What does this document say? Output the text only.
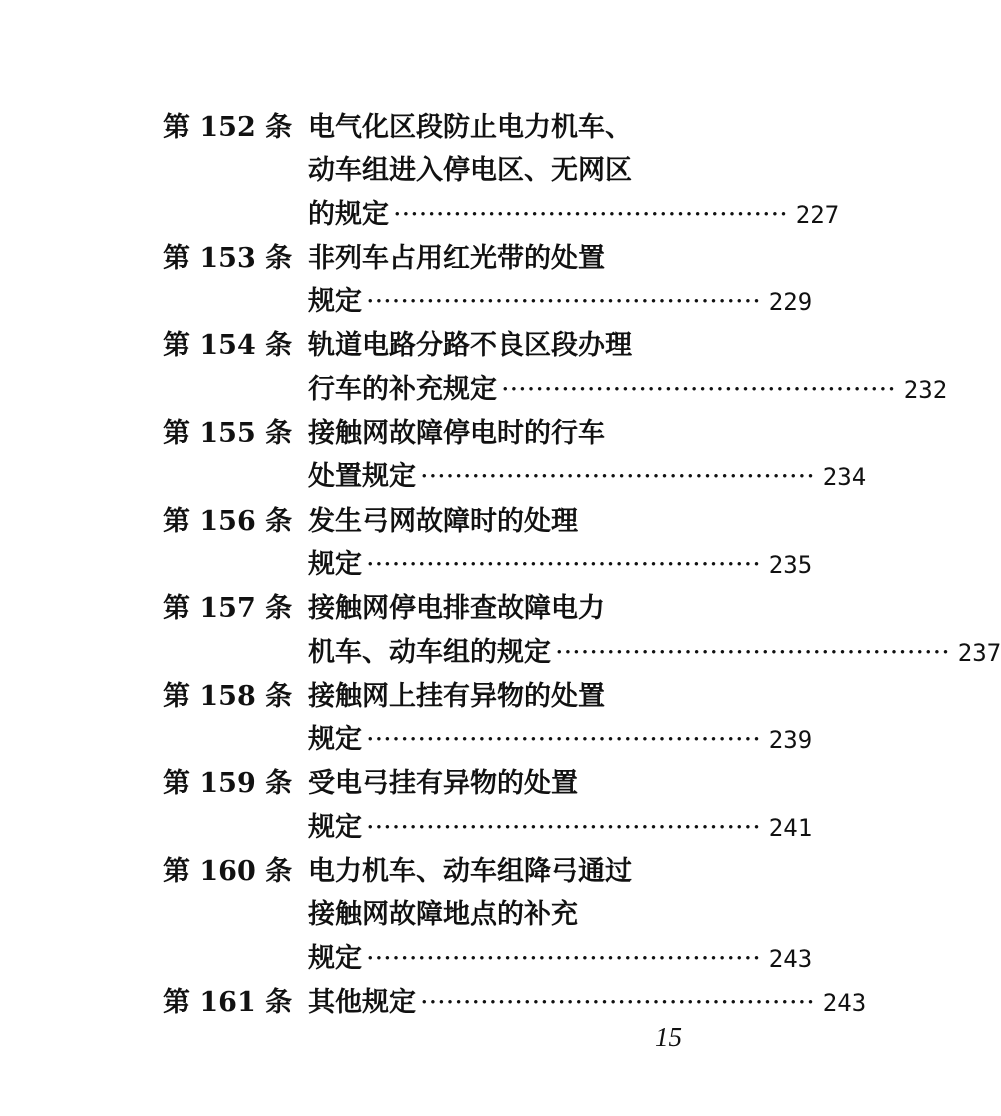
第 152 条 电气化区段防止电力机车、
动车组进入停电区、无网区
的规定 ·············································· 227
第 153 条 非列车占用红光带的处置
规定 ·············································· 229
第 154 条 轨道电路分路不良区段办理
行车的补充规定 ·············································· 232
第 155 条 接触网故障停电时的行车
处置规定 ·············································· 234
第 156 条 发生弓网故障时的处理
规定 ·············································· 235
第 157 条 接触网停电排查故障电力
机车、动车组的规定 ·············································· 237
第 158 条 接触网上挂有异物的处置
规定 ·············································· 239
第 159 条 受电弓挂有异物的处置
规定 ·············································· 241
第 160 条 电力机车、动车组降弓通过
接触网故障地点的补充
规定 ·············································· 243
第 161 条 其他规定 ·············································· 243
15
